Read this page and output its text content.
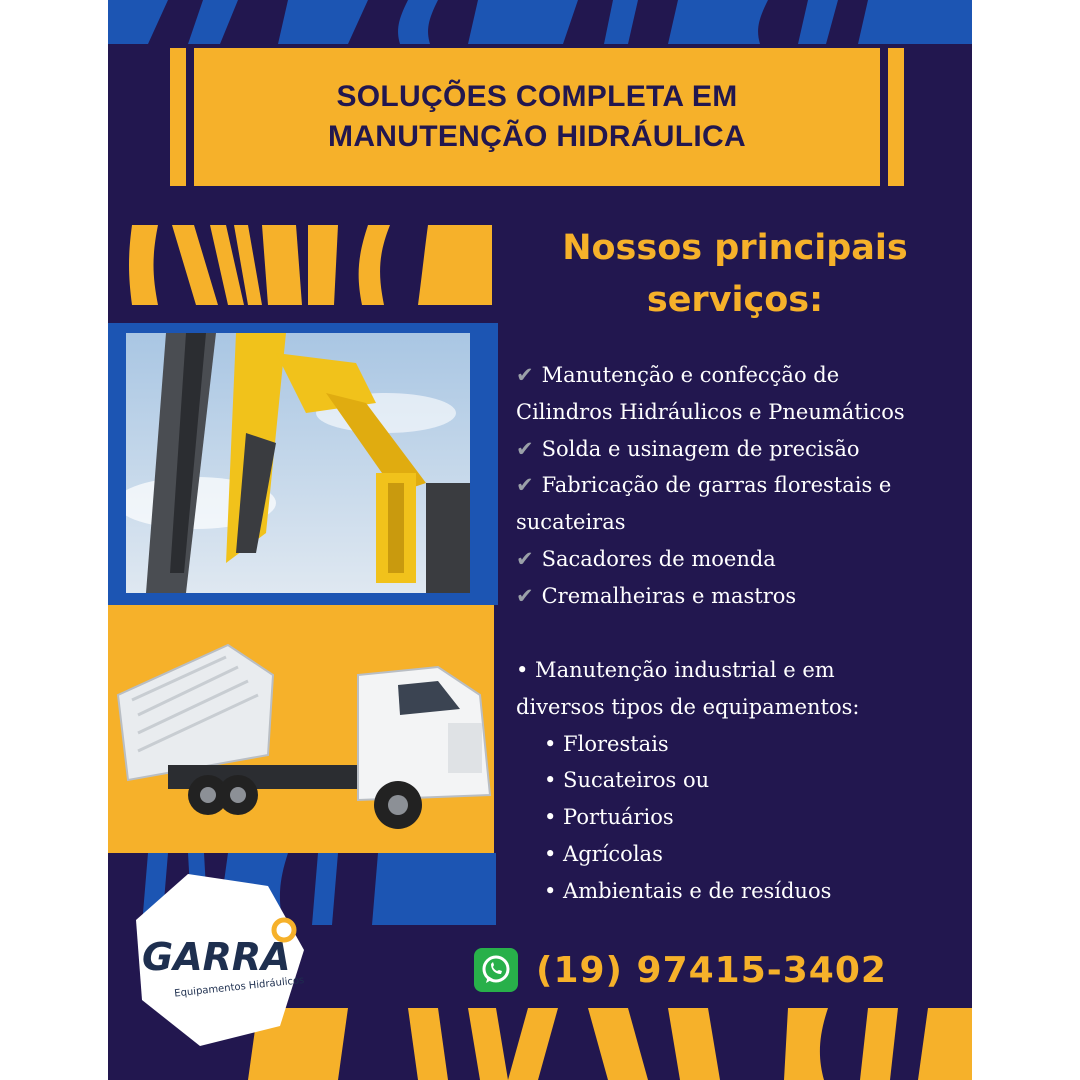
SOLUÇÕES COMPLETA EM
MANUTENÇÃO HIDRÁULICA
Nossos principais
serviços:
✔ Manutenção e confecção de
Cilindros Hidráulicos e Pneumáticos
✔ Solda e usinagem de precisão
✔ Fabricação de garras florestais e
sucateiras
✔ Sacadores de moenda
✔ Cremalheiras e mastros
• Manutenção industrial e em
diversos tipos de equipamentos:
• Florestais
• Sucateiros ou
• Portuários
• Agrícolas
• Ambientais e de resíduos
(19) 97415-3402
GARRA
Equipamentos Hidráulicos
